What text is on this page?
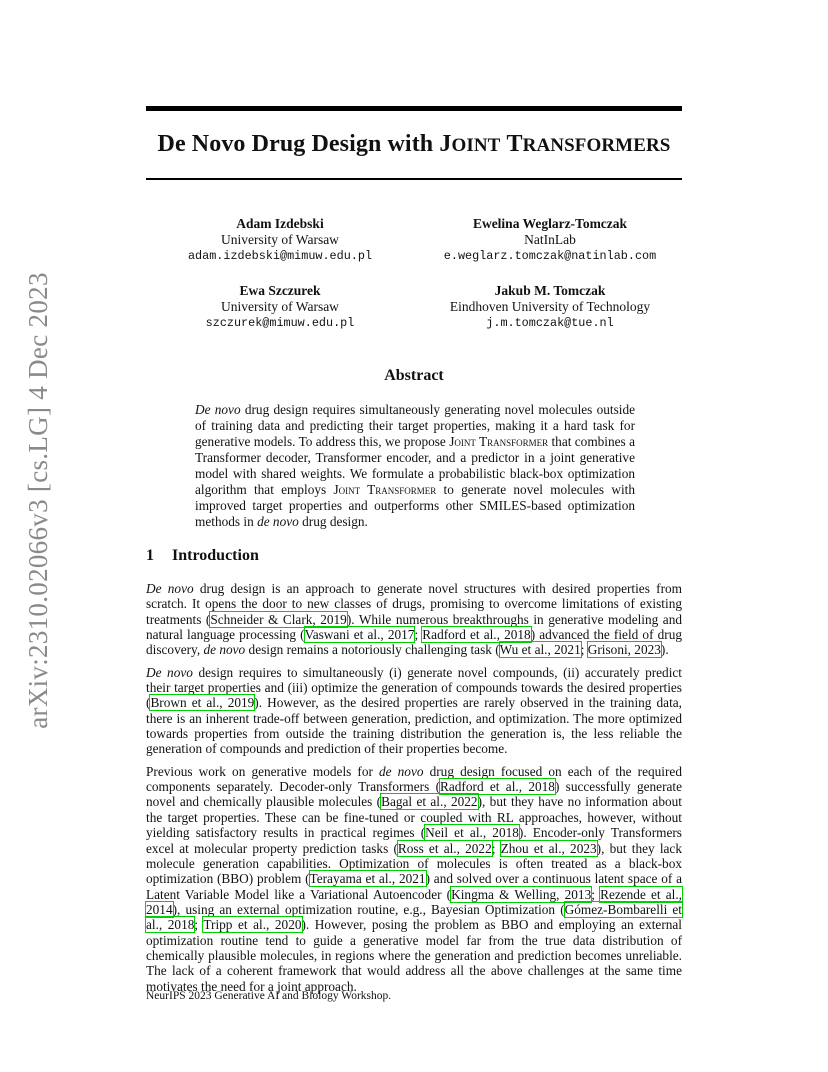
arXiv:2310.02066v3 [cs.LG] 4 Dec 2023
De Novo Drug Design with JOINT TRANSFORMERS
Adam Izdebski
University of Warsaw
adam.izdebski@mimuw.edu.pl
Ewelina Weglarz-Tomczak
NatInLab
e.weglarz.tomczak@natinlab.com
Ewa Szczurek
University of Warsaw
szczurek@mimuw.edu.pl
Jakub M. Tomczak
Eindhoven University of Technology
j.m.tomczak@tue.nl
Abstract
De novo drug design requires simultaneously generating novel molecules outside of training data and predicting their target properties, making it a hard task for generative models. To address this, we propose Joint Transformer that combines a Transformer decoder, Transformer encoder, and a predictor in a joint generative model with shared weights. We formulate a probabilistic black-box optimization algorithm that employs Joint Transformer to generate novel molecules with improved target properties and outperforms other SMILES-based optimization methods in de novo drug design.
1 Introduction

De novo drug design is an approach to generate novel structures with desired properties from scratch. It opens the door to new classes of drugs, promising to overcome limitations of existing treatments (Schneider & Clark, 2019). While numerous breakthroughs in generative modeling and natural language processing (Vaswani et al., 2017; Radford et al., 2018) advanced the field of drug discovery, de novo design remains a notoriously challenging task (Wu et al., 2021; Grisoni, 2023).

De novo design requires to simultaneously (i) generate novel compounds, (ii) accurately predict their target properties and (iii) optimize the generation of compounds towards the desired properties (Brown et al., 2019). However, as the desired properties are rarely observed in the training data, there is an inherent trade-off between generation, prediction, and optimization. The more optimized towards properties from outside the training distribution the generation is, the less reliable the generation of compounds and prediction of their properties become.

Previous work on generative models for de novo drug design focused on each of the required components separately. Decoder-only Transformers (Radford et al., 2018) successfully generate novel and chemically plausible molecules (Bagal et al., 2022), but they have no information about the target properties. These can be fine-tuned or coupled with RL approaches, however, without yielding satisfactory results in practical regimes (Neil et al., 2018). Encoder-only Transformers excel at molecular property prediction tasks (Ross et al., 2022; Zhou et al., 2023), but they lack molecule generation capabilities. Optimization of molecules is often treated as a black-box optimization (BBO) problem (Terayama et al., 2021) and solved over a continuous latent space of a Latent Variable Model like a Variational Autoencoder (Kingma & Welling, 2013; Rezende et al., 2014), using an external optimization routine, e.g., Bayesian Optimization (Gómez-Bombarelli et al., 2018; Tripp et al., 2020). However, posing the problem as BBO and employing an external optimization routine tend to guide a generative model far from the true data distribution of chemically plausible molecules, in regions where the generation and prediction becomes unreliable. The lack of a coherent framework that would address all the above challenges at the same time motivates the need for a joint approach.

NeurIPS 2023 Generative AI and Biology Workshop.
